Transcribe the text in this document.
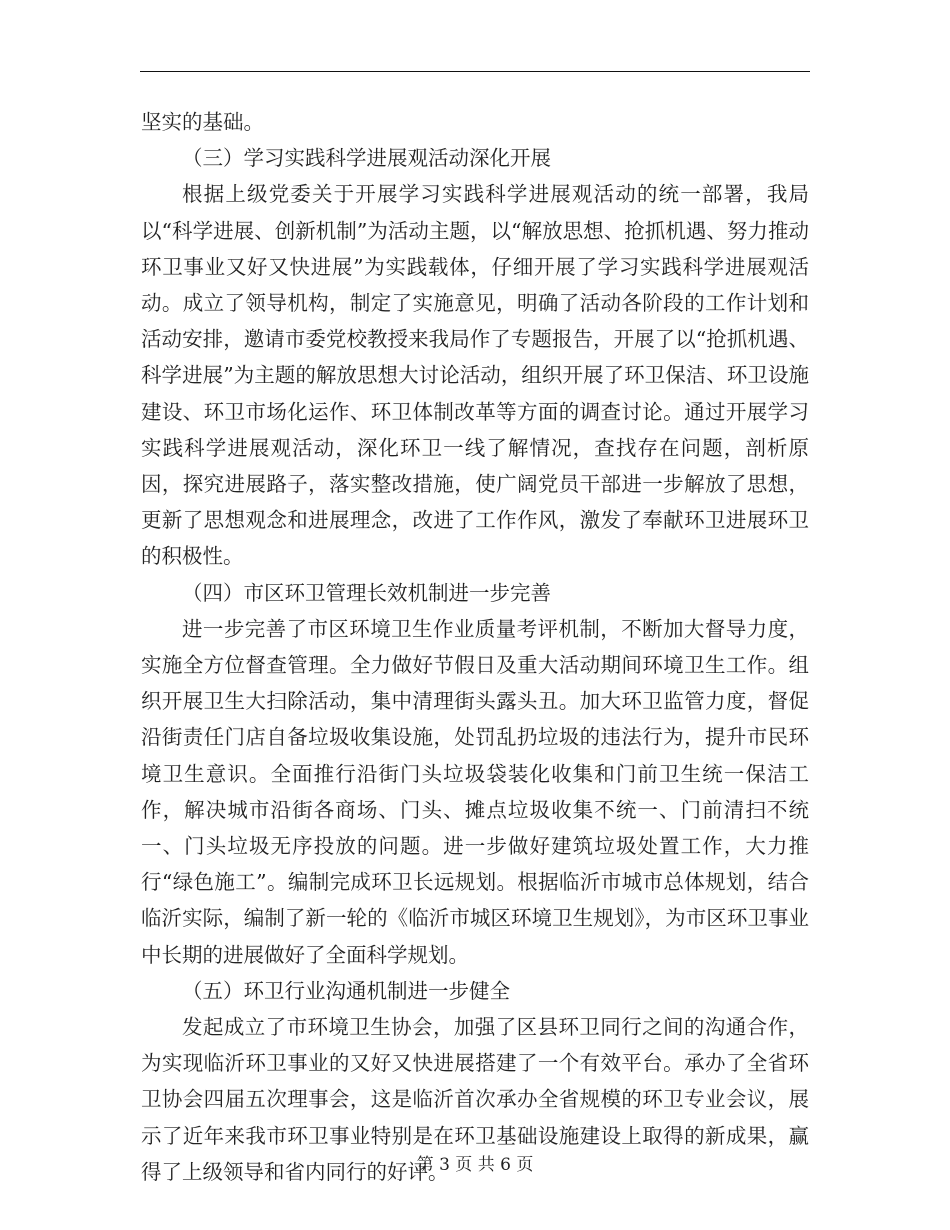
坚实的基础。

（三）学习实践科学进展观活动深化开展

根据上级党委关于开展学习实践科学进展观活动的统一部署，我局以“科学进展、创新机制”为活动主题，以“解放思想、抢抓机遇、努力推动环卫事业又好又快进展”为实践载体，仔细开展了学习实践科学进展观活动。成立了领导机构，制定了实施意见，明确了活动各阶段的工作计划和活动安排，邀请市委党校教授来我局作了专题报告，开展了以“抢抓机遇、科学进展”为主题的解放思想大讨论活动，组织开展了环卫保洁、环卫设施建设、环卫市场化运作、环卫体制改革等方面的调查讨论。通过开展学习实践科学进展观活动，深化环卫一线了解情况，查找存在问题，剖析原因，探究进展路子，落实整改措施，使广阔党员干部进一步解放了思想，更新了思想观念和进展理念，改进了工作作风，激发了奉献环卫进展环卫的积极性。

（四）市区环卫管理长效机制进一步完善

进一步完善了市区环境卫生作业质量考评机制，不断加大督导力度，实施全方位督查管理。全力做好节假日及重大活动期间环境卫生工作。组织开展卫生大扫除活动，集中清理街头露头丑。加大环卫监管力度，督促沿街责任门店自备垃圾收集设施，处罚乱扔垃圾的违法行为，提升市民环境卫生意识。全面推行沿街门头垃圾袋装化收集和门前卫生统一保洁工作，解决城市沿街各商场、门头、摊点垃圾收集不统一、门前清扫不统一、门头垃圾无序投放的问题。进一步做好建筑垃圾处置工作，大力推行“绿色施工”。编制完成环卫长远规划。根据临沂市城市总体规划，结合临沂实际，编制了新一轮的《临沂市城区环境卫生规划》，为市区环卫事业中长期的进展做好了全面科学规划。

（五）环卫行业沟通机制进一步健全

发起成立了市环境卫生协会，加强了区县环卫同行之间的沟通合作，为实现临沂环卫事业的又好又快进展搭建了一个有效平台。承办了全省环卫协会四届五次理事会，这是临沂首次承办全省规模的环卫专业会议，展示了近年来我市环卫事业特别是在环卫基础设施建设上取得的新成果，赢得了上级领导和省内同行的好评。

第 3 页 共 6 页
